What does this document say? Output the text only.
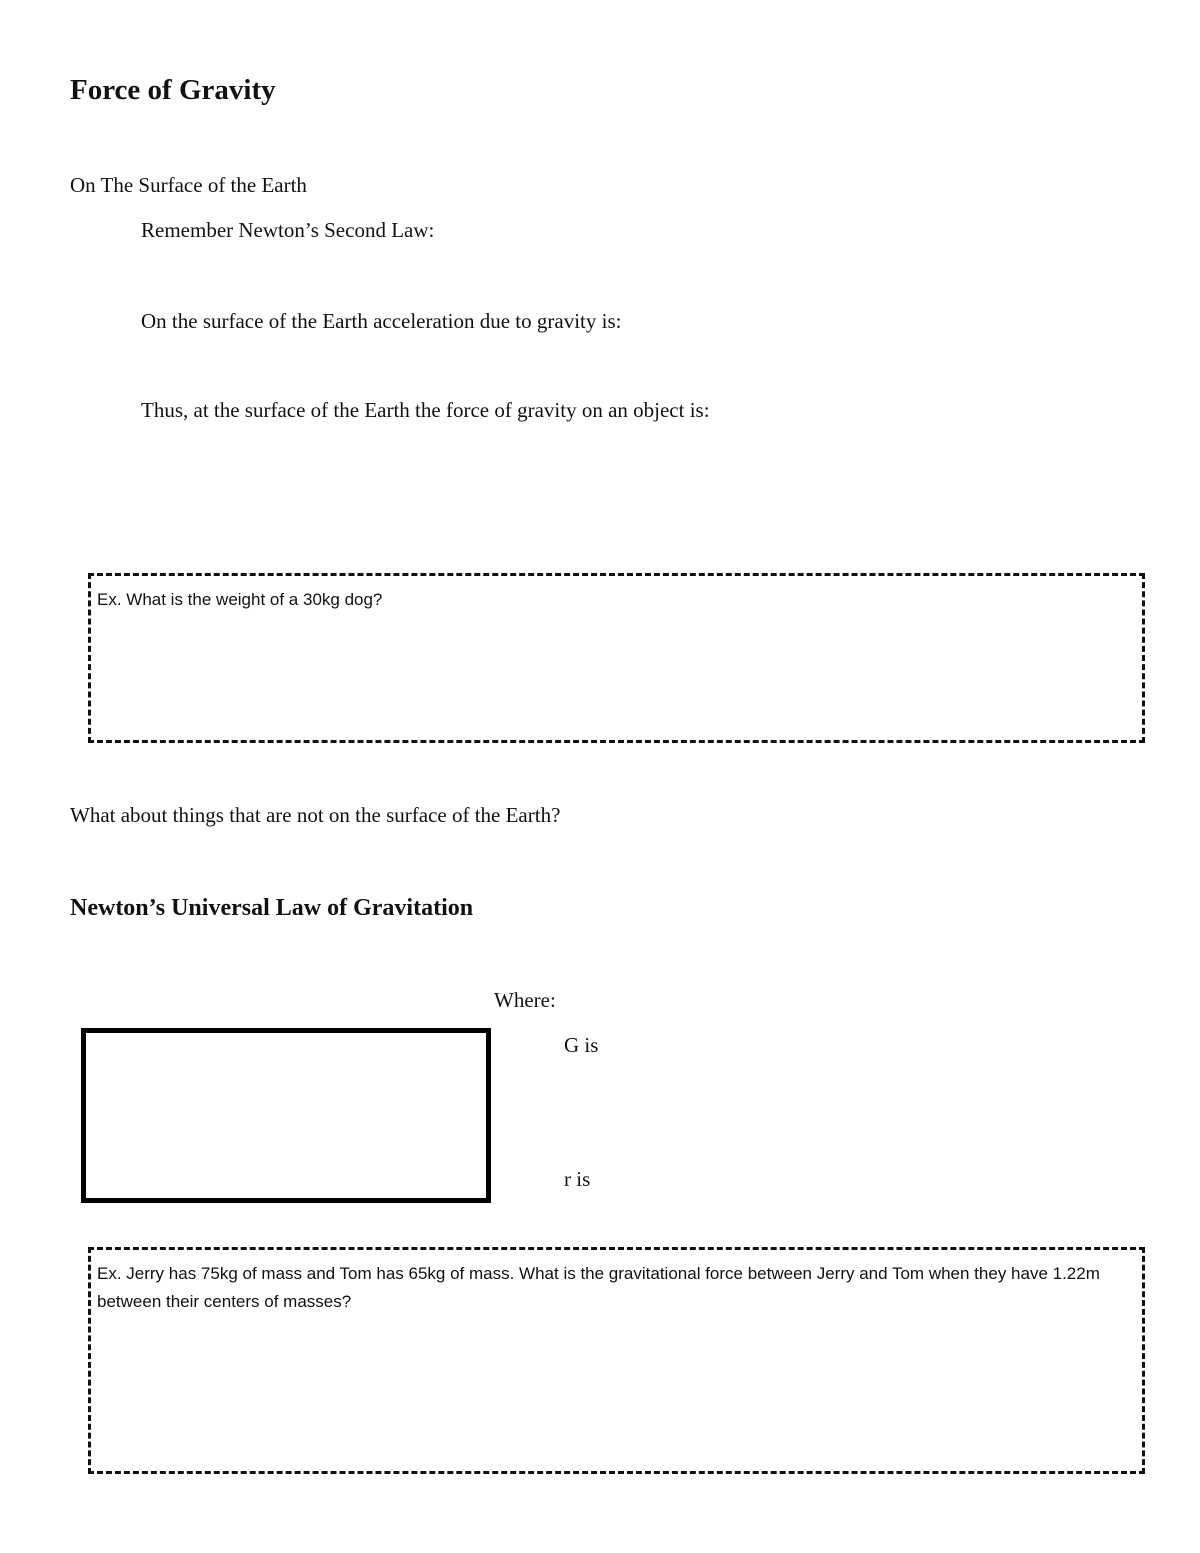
Force of Gravity
On The Surface of the Earth
Remember Newton’s Second Law:
On the surface of the Earth acceleration due to gravity is:
Thus, at the surface of the Earth the force of gravity on an object is:
Ex. What is the weight of a 30kg dog?
What about things that are not on the surface of the Earth?
Newton’s Universal Law of Gravitation
Where:
G is
r is
Ex. Jerry has 75kg of mass and Tom has 65kg of mass. What is the gravitational force between Jerry and Tom when they have 1.22m between their centers of masses?
